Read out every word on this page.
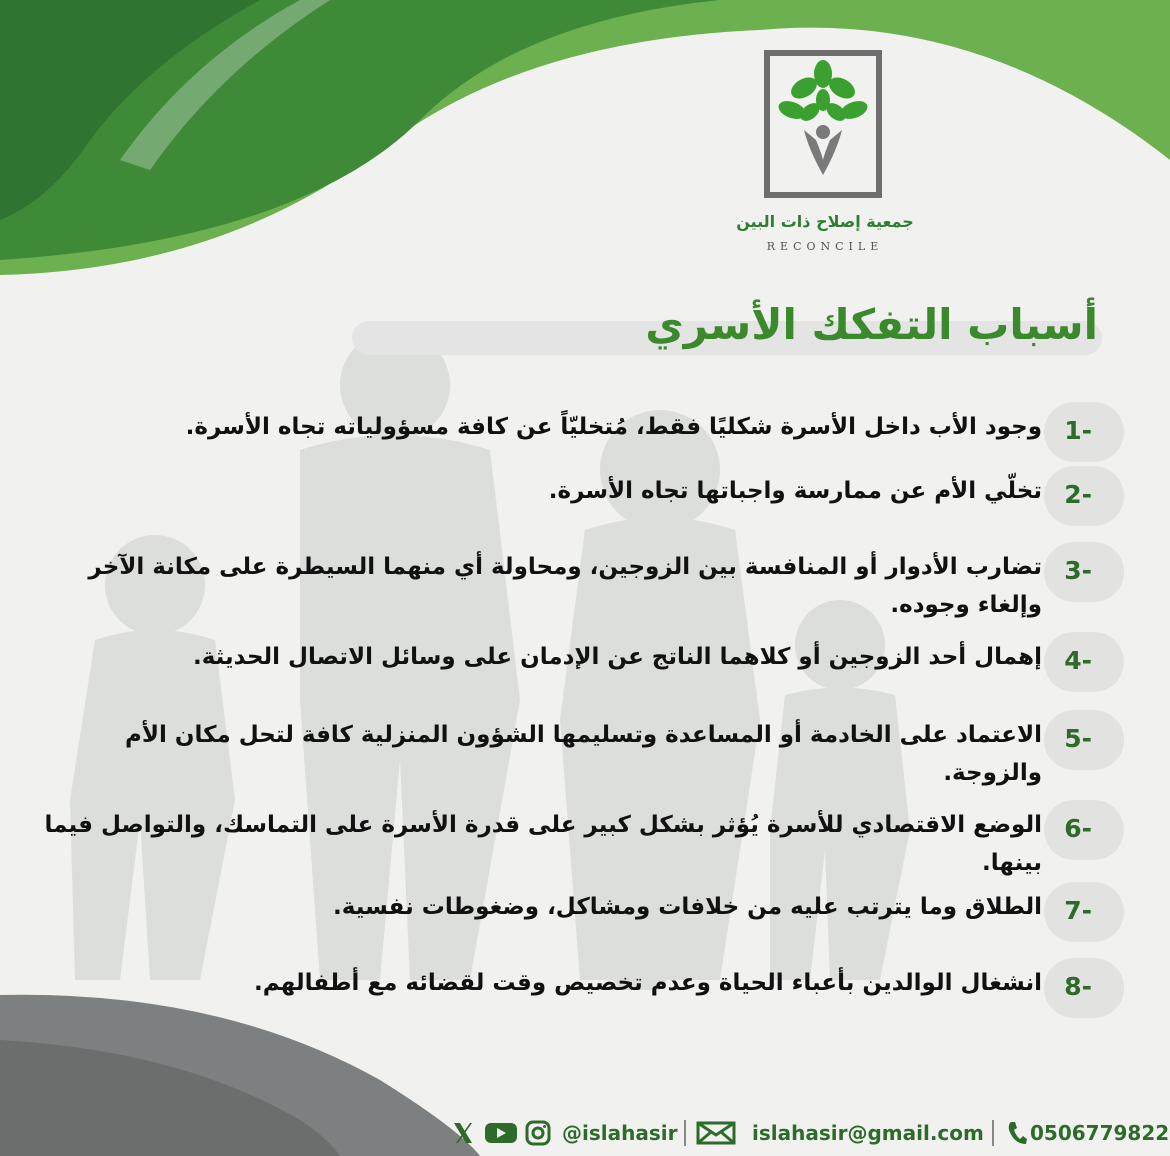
جمعية إصلاح ذات البين
RECONCILE
أسباب التفكك الأسري
1-
وجود الأب داخل الأسرة شكليًا فقط، مُتخليّاً عن كافة مسؤولياته تجاه الأسرة.
2-
تخلّي الأم عن ممارسة واجباتها تجاه الأسرة.
3-
تضارب الأدوار أو المنافسة بين الزوجين، ومحاولة أي منهما السيطرة على مكانة الآخر وإلغاء وجوده.
4-
إهمال أحد الزوجين أو كلاهما الناتج عن الإدمان على وسائل الاتصال الحديثة.
5-
الاعتماد على الخادمة أو المساعدة وتسليمها الشؤون المنزلية كافة لتحل مكان الأم والزوجة.
6-
الوضع الاقتصادي للأسرة يُؤثر بشكل كبير على قدرة الأسرة على التماسك، والتواصل فيما بينها.
7-
الطلاق وما يترتب عليه من خلافات ومشاكل، وضغوطات نفسية.
8-
انشغال الوالدين بأعباء الحياة وعدم تخصيص وقت لقضائه مع أطفالهم.
@islahasir	islahasir@gmail.com 0506779822
